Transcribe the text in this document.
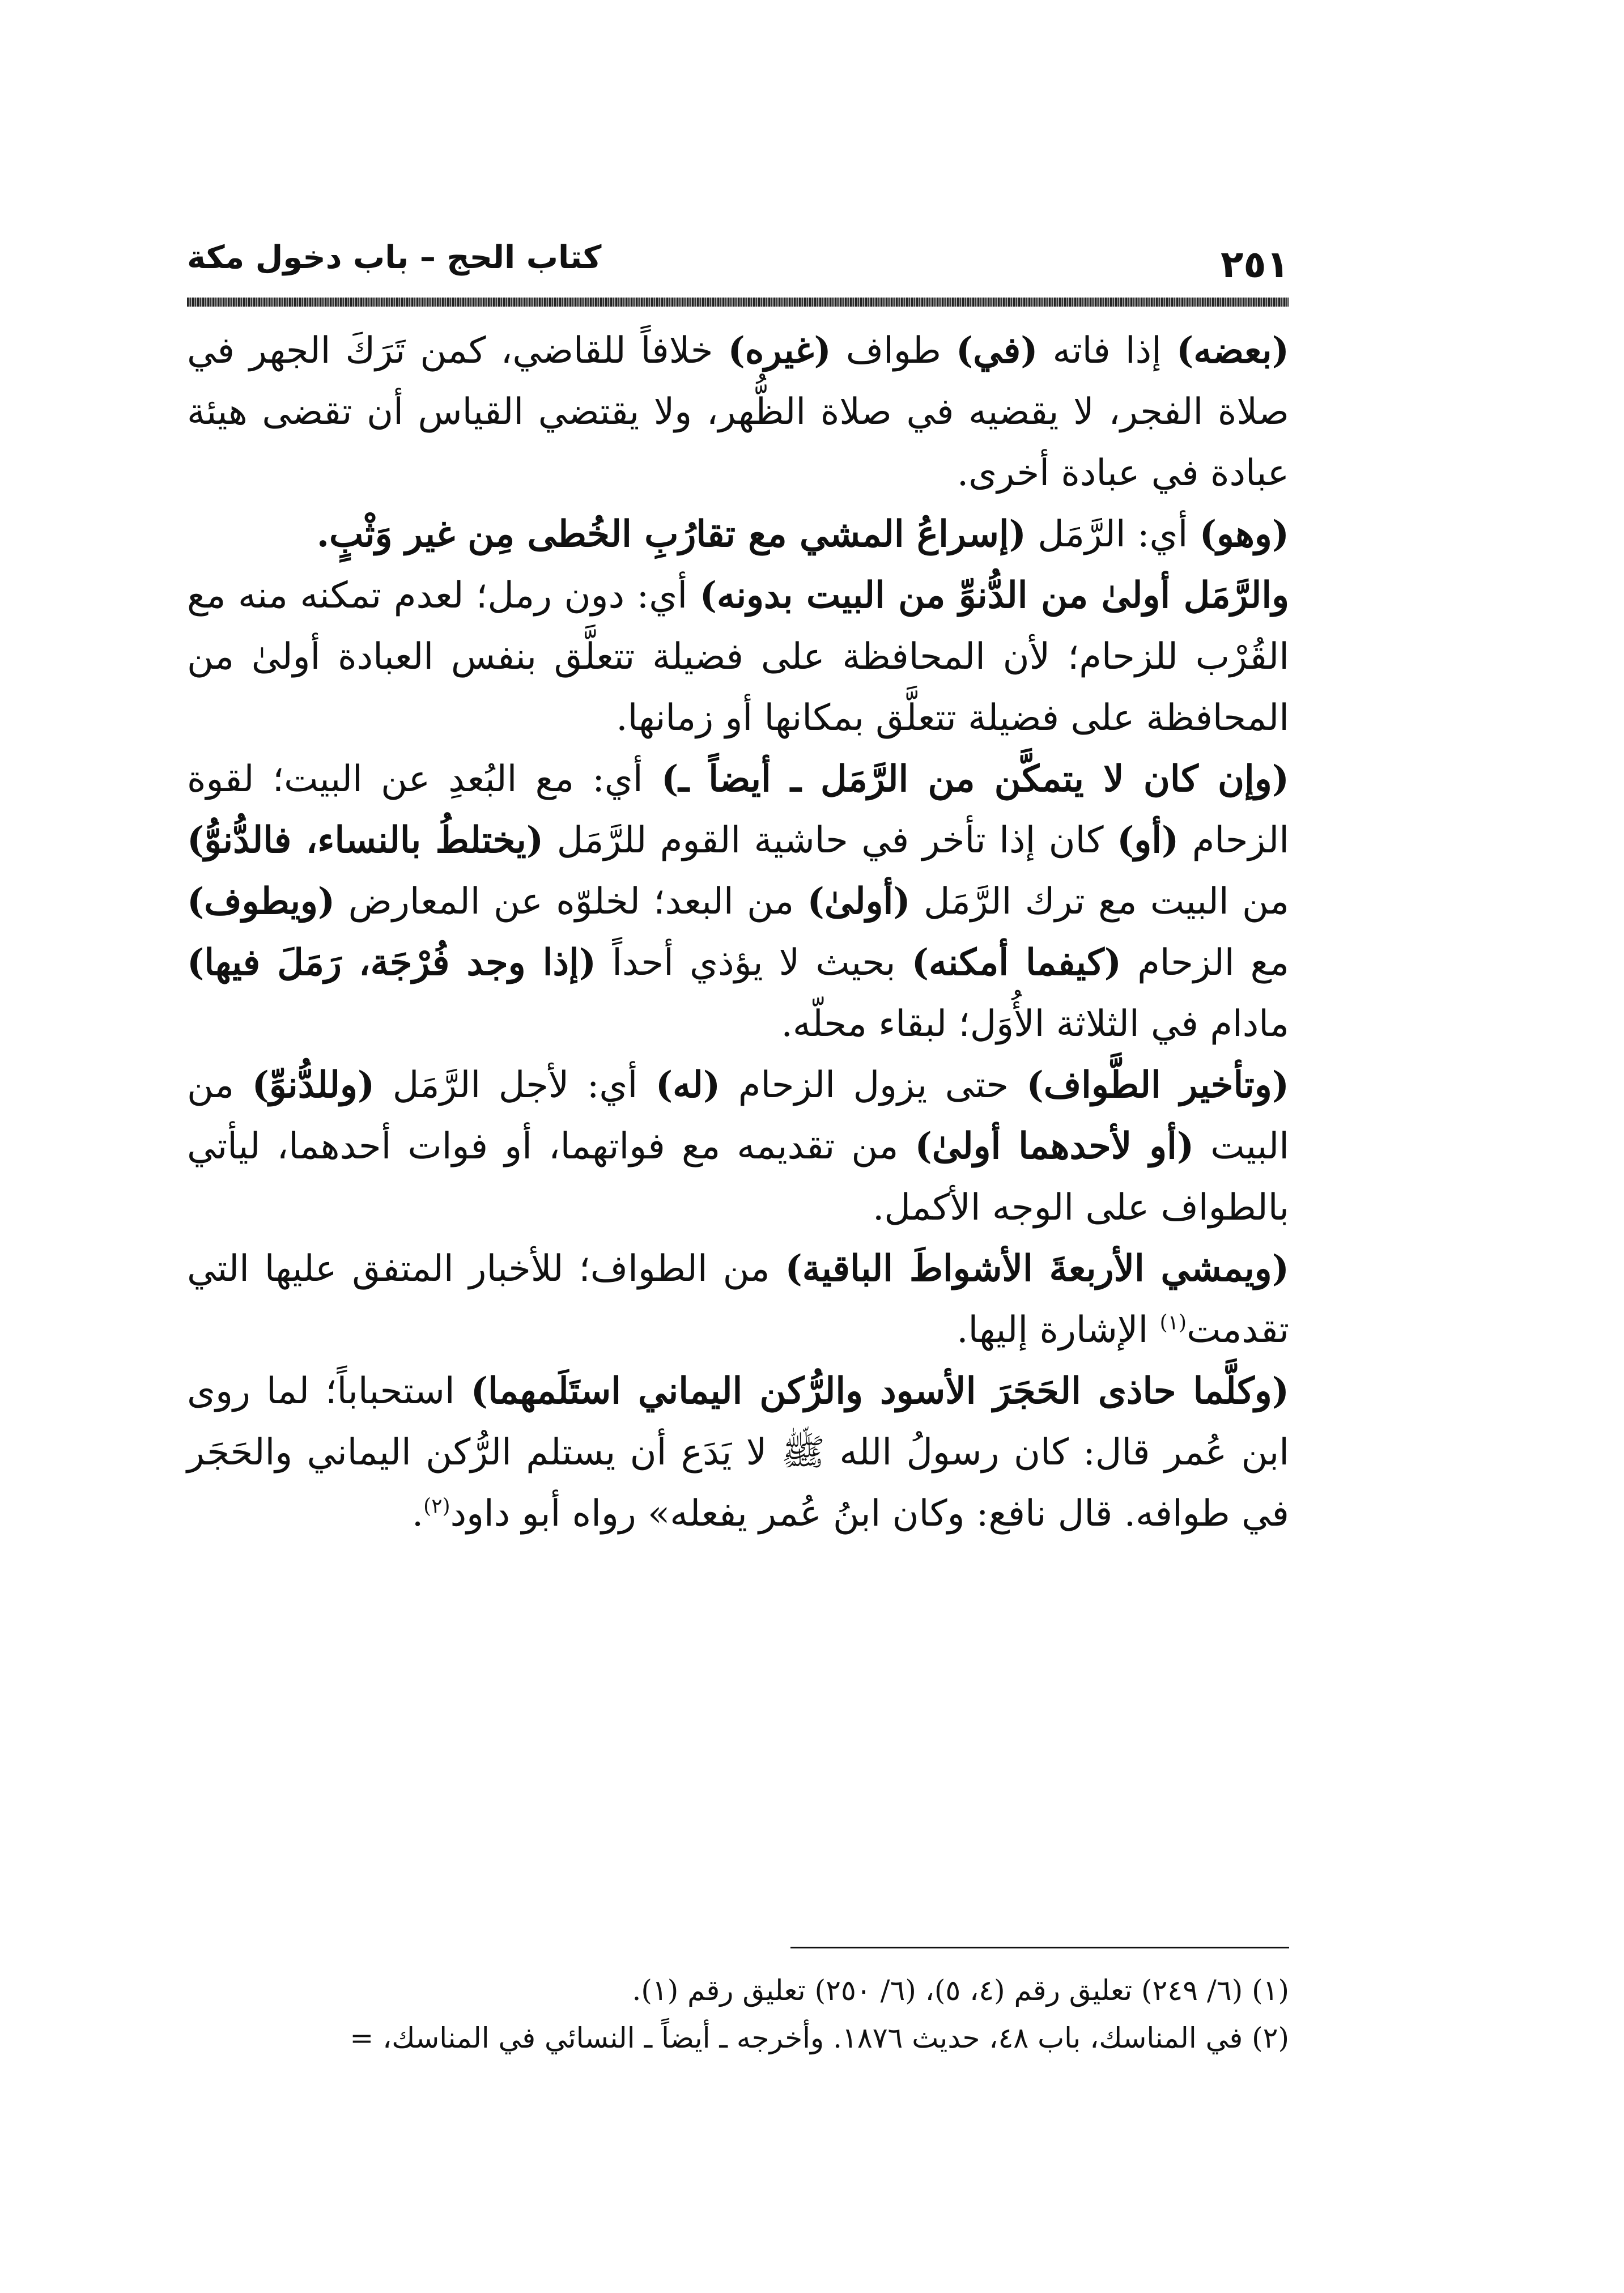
٢٥١
كتاب الحج – باب دخول مكة

(بعضه) إذا فاته (في) طواف (غيره) خلافاً للقاضي، كمن تَرَكَ الجهر في صلاة الفجر، لا يقضيه في صلاة الظُّهر، ولا يقتضي القياس أن تقضى هيئة عبادة في عبادة أخرى.

(وهو) أي: الرَّمَل (إسراعُ المشي مع تقارُبِ الخُطى مِن غير وَثْبٍ.

والرَّمَل أولىٰ من الدُّنوِّ من البيت بدونه) أي: دون رمل؛ لعدم تمكنه منه مع القُرْب للزحام؛ لأن المحافظة على فضيلة تتعلَّق بنفس العبادة أولىٰ من المحافظة على فضيلة تتعلَّق بمكانها أو زمانها.

(وإن كان لا يتمكَّن من الرَّمَل ـ أيضاً ـ) أي: مع البُعدِ عن البيت؛ لقوة الزحام (أو) كان إذا تأخر في حاشية القوم للرَّمَل (يختلطُ بالنساء، فالدُّنوُّ) من البيت مع ترك الرَّمَل (أولىٰ) من البعد؛ لخلوّه عن المعارض (ويطوف) مع الزحام (كيفما أمكنه) بحيث لا يؤذي أحداً (إذا وجد فُرْجَة، رَمَلَ فيها) مادام في الثلاثة الأُوَل؛ لبقاء محلّه.

(وتأخير الطَّواف) حتى يزول الزحام (له) أي: لأجل الرَّمَل (وللدُّنوِّ) من البيت (أو لأحدهما أولىٰ) من تقديمه مع فواتهما، أو فوات أحدهما، ليأتي بالطواف على الوجه الأكمل.

(ويمشي الأربعةَ الأشواطَ الباقية) من الطواف؛ للأخبار المتفق عليها التي تقدمت$^{(١)}$ الإشارة إليها.

(وكلَّما حاذى الحَجَرَ الأسود والرُّكن اليماني استَلَمهما) استحباباً؛ لما روى ابن عُمر قال: كان رسولُ الله ﷺ لا يَدَع أن يستلم الرُّكن اليماني والحَجَر في طوافه. قال نافع: وكان ابنُ عُمر يفعله» رواه أبو داود$^{(٢)}$.

(١) (٦/ ٢٤٩) تعليق رقم (٤، ٥)، (٦/ ٢٥٠) تعليق رقم (١).

(٢) في المناسك، باب ٤٨، حديث ١٨٧٦. وأخرجه ـ أيضاً ـ النسائي في المناسك، =
